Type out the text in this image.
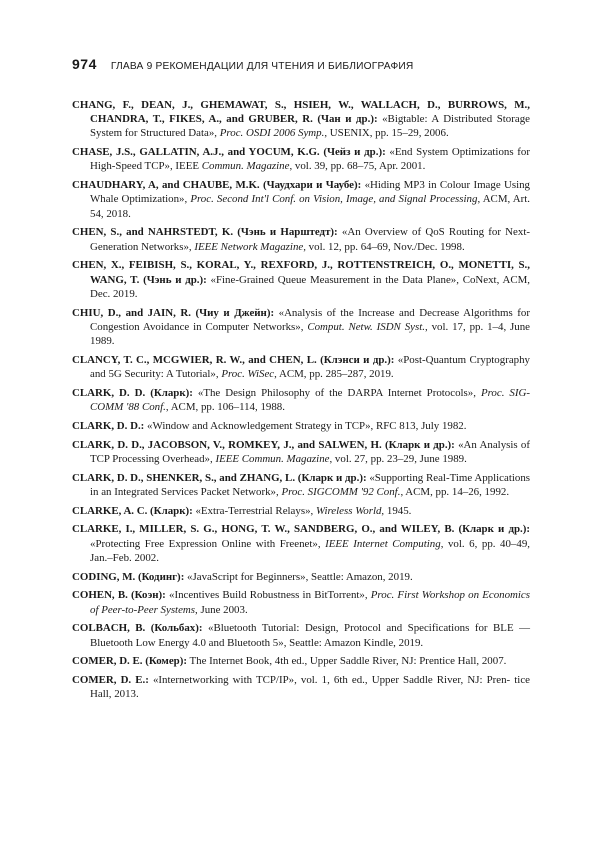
974 ГЛАВА 9 РЕКОМЕНДАЦИИ ДЛЯ ЧТЕНИЯ И БИБЛИОГРАФИЯ

CHANG, F., DEAN, J., GHEMAWAT, S., HSIEH, W., WALLACH, D., BURROWS, M., CHANDRA, T., FIKES, A., and GRUBER, R. (Чан и др.): «Bigtable: A Distributed Storage System for Structured Data», Proc. OSDI 2006 Symp., USENIX, pp. 15–29, 2006.

CHASE, J.S., GALLATIN, A.J., and YOCUM, K.G. (Чейз и др.): «End System Optimizations for High-Speed TCP», IEEE Commun. Magazine, vol. 39, pp. 68–75, Apr. 2001.

CHAUDHARY, A, and CHAUBE, M.K. (Чаудхари и Чаубе): «Hiding MP3 in Colour Image Using Whale Optimization», Proc. Second Int'l Conf. on Vision, Image, and Signal Processing, ACM, Art. 54, 2018.

CHEN, S., and NAHRSTEDT, K. (Чэнь и Нарштедт): «An Overview of QoS Routing for Next-Generation Networks», IEEE Network Magazine, vol. 12, pp. 64–69, Nov./Dec. 1998.

CHEN, X., FEIBISH, S., KORAL, Y., REXFORD, J., ROTTENSTREICH, O., MONETTI, S., WANG, T. (Чэнь и др.): «Fine-Grained Queue Measurement in the Data Plane», CoNext, ACM, Dec. 2019.

CHIU, D., and JAIN, R. (Чиу и Джейн): «Analysis of the Increase and Decrease Algorithms for Congestion Avoidance in Computer Networks», Comput. Netw. ISDN Syst., vol. 17, pp. 1–4, June 1989.

CLANCY, T. C., MCGWIER, R. W., and CHEN, L. (Клэнси и др.): «Post-Quantum Cryptography and 5G Security: A Tutorial», Proc. WiSec, ACM, pp. 285–287, 2019.

CLARK, D. D. (Кларк): «The Design Philosophy of the DARPA Internet Protocols», Proc. SIG-COMM '88 Conf., ACM, pp. 106–114, 1988.

CLARK, D. D.: «Window and Acknowledgement Strategy in TCP», RFC 813, July 1982.

CLARK, D. D., JACOBSON, V., ROMKEY, J., and SALWEN, H. (Кларк и др.): «An Analysis of TCP Processing Overhead», IEEE Commun. Magazine, vol. 27, pp. 23–29, June 1989.

CLARK, D. D., SHENKER, S., and ZHANG, L. (Кларк и др.): «Supporting Real-Time Applications in an Integrated Services Packet Network», Proc. SIGCOMM '92 Conf., ACM, pp. 14–26, 1992.

CLARKE, A. C. (Кларк): «Extra-Terrestrial Relays», Wireless World, 1945.

CLARKE, I., MILLER, S. G., HONG, T. W., SANDBERG, O., and WILEY, B. (Кларк и др.): «Protecting Free Expression Online with Freenet», IEEE Internet Computing, vol. 6, pp. 40–49, Jan.–Feb. 2002.

CODING, M. (Кодинг): «JavaScript for Beginners», Seattle: Amazon, 2019.

COHEN, B. (Коэн): «Incentives Build Robustness in BitTorrent», Proc. First Workshop on Economics of Peer-to-Peer Systems, June 2003.

COLBACH, B. (Кольбах): «Bluetooth Tutorial: Design, Protocol and Specifications for BLE — Bluetooth Low Energy 4.0 and Bluetooth 5», Seattle: Amazon Kindle, 2019.

COMER, D. E. (Комер): The Internet Book, 4th ed., Upper Saddle River, NJ: Prentice Hall, 2007.

COMER, D. E.: «Internetworking with TCP/IP», vol. 1, 6th ed., Upper Saddle River, NJ: Pren- tice Hall, 2013.
